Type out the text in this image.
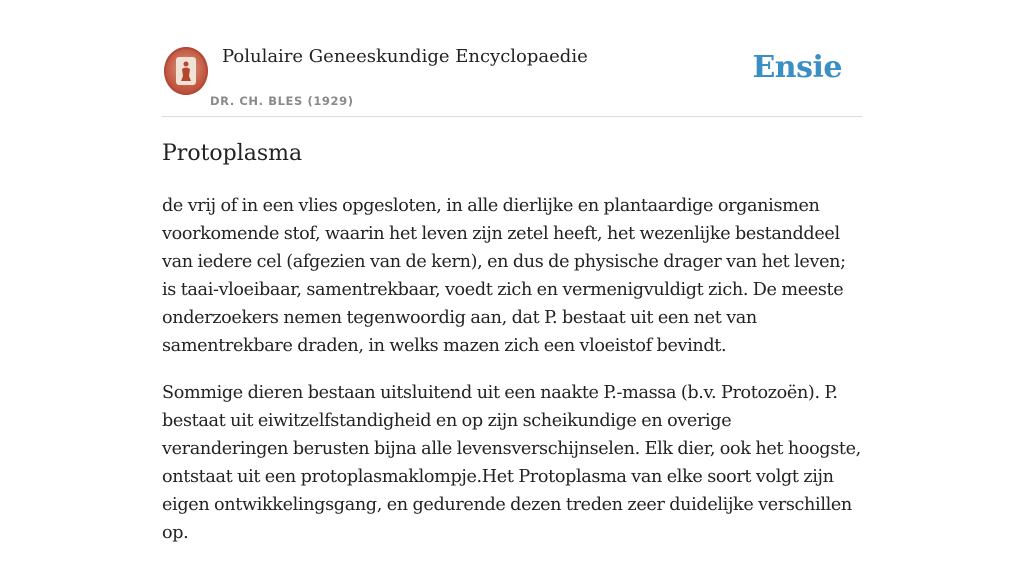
Polulaire Geneeskundige Encyclopaedie
DR. CH. BLES (1929)
Ensie
Protoplasma

de vrij of in een vlies opgesloten, in alle dierlijke en plantaardige organismen voorkomende stof, waarin het leven zijn zetel heeft, het wezenlijke bestanddeel van iedere cel (afgezien van de kern), en dus de physische drager van het leven; is taai-vloeibaar, samentrekbaar, voedt zich en vermenigvuldigt zich. De meeste onderzoekers nemen tegenwoordig aan, dat P. bestaat uit een net van samentrekbare draden, in welks mazen zich een vloeistof bevindt.

Sommige dieren bestaan uitsluitend uit een naakte P.-massa (b.v. Protozoën). P. bestaat uit eiwitzelfstandigheid en op zijn scheikundige en overige veranderingen berusten bijna alle levensverschijnselen. Elk dier, ook het hoogste, ontstaat uit een protoplasmaklompje.Het Protoplasma van elke soort volgt zijn eigen ontwikkelingsgang, en gedurende dezen treden zeer duidelijke verschillen op.
